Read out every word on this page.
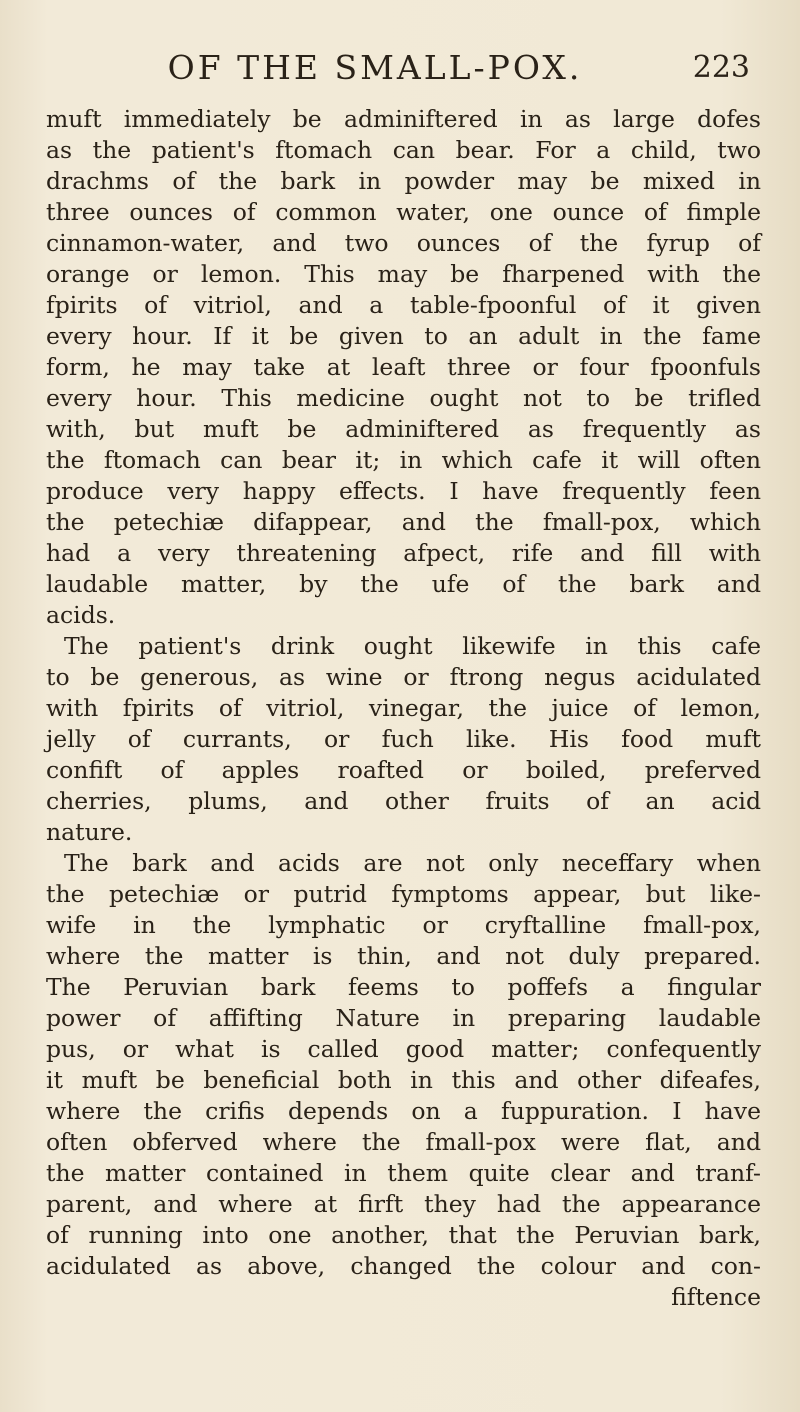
OF THE SMALL-POX.	223
muft immediately be adminiftered in as large dofes
as the patient's ftomach can bear. For a child, two
drachms of the bark in powder may be mixed in
three ounces of common water, one ounce of fimple
cinnamon-water, and two ounces of the fyrup of
orange or lemon. This may be fharpened with the
fpirits of vitriol, and a table-fpoonful of it given
every hour. If it be given to an adult in the fame
form, he may take at leaft three or four fpoonfuls
every hour. This medicine ought not to be trifled
with, but muft be adminiftered as frequently as
the ftomach can bear it; in which cafe it will often
produce very happy effects. I have frequently feen
the petechiæ difappear, and the fmall-pox, which
had a very threatening afpect, rife and fill with
laudable matter, by the ufe of the bark and
acids.
The patient's drink ought likewife in this cafe
to be generous, as wine or ftrong negus acidulated
with fpirits of vitriol, vinegar, the juice of lemon,
jelly of currants, or fuch like. His food muft
confift of apples roafted or boiled, preferved
cherries, plums, and other fruits of an acid
nature.
The bark and acids are not only neceffary when
the petechiæ or putrid fymptoms appear, but like-
wife in the lymphatic or cryftalline fmall-pox,
where the matter is thin, and not duly prepared.
The Peruvian bark feems to poffefs a fingular
power of affifting Nature in preparing laudable
pus, or what is called good matter; confequently
it muft be beneficial both in this and other difeafes,
where the crifis depends on a fuppuration. I have
often obferved where the fmall-pox were flat, and
the matter contained in them quite clear and tranf-
parent, and where at firft they had the appearance
of running into one another, that the Peruvian bark,
acidulated as above, changed the colour and con-
fiftence
